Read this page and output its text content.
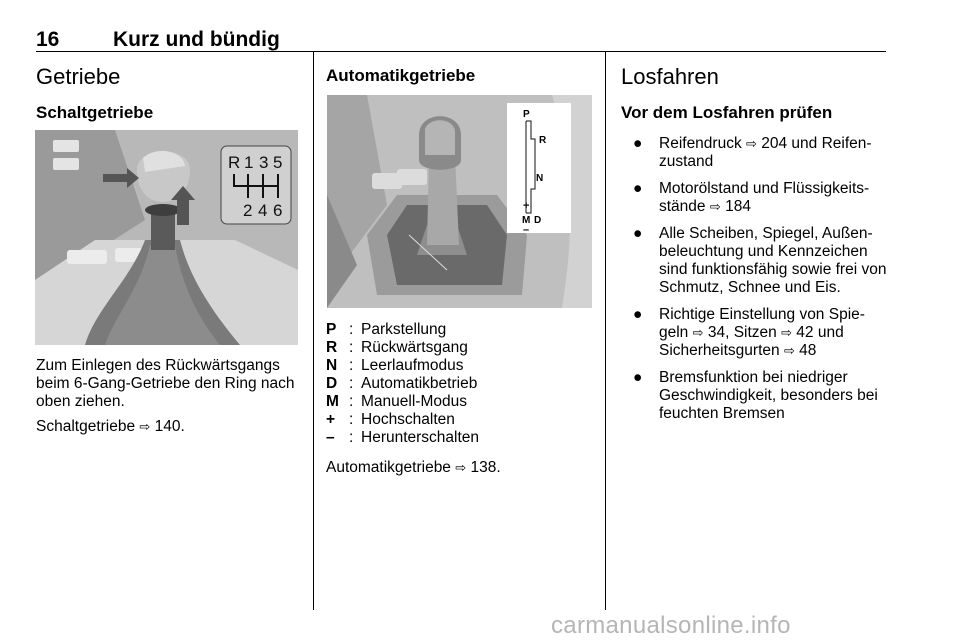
16	Kurz und bündig
Getriebe
Schaltgetriebe
R 1 3 5
2 4 6
Zum Einlegen des Rückwärtsgangs
beim 6-Gang-Getriebe den Ring nach
oben ziehen.
Schaltgetriebe ⇨ 140.
Automatikgetriebe
P
R
N
M D
+
–
P : Parkstellung
R : Rückwärtsgang
N : Leerlaufmodus
D : Automatikbetrieb
M : Manuell-Modus
+ : Hochschalten
– : Herunterschalten
Automatikgetriebe ⇨ 138.
Losfahren
Vor dem Losfahren prüfen
●	Reifendruck ⇨ 204 und Reifen-
zustand
●	Motorölstand und Flüssigkeits-
stände ⇨ 184
●	Alle Scheiben, Spiegel, Außen-
beleuchtung und Kennzeichen
sind funktionsfähig sowie frei von
Schmutz, Schnee und Eis.
●	Richtige Einstellung von Spie-
geln ⇨ 34, Sitzen ⇨ 42 und
Sicherheitsgurten ⇨ 48
●	Bremsfunktion bei niedriger
Geschwindigkeit, besonders bei
feuchten Bremsen
carmanualsonline.info
